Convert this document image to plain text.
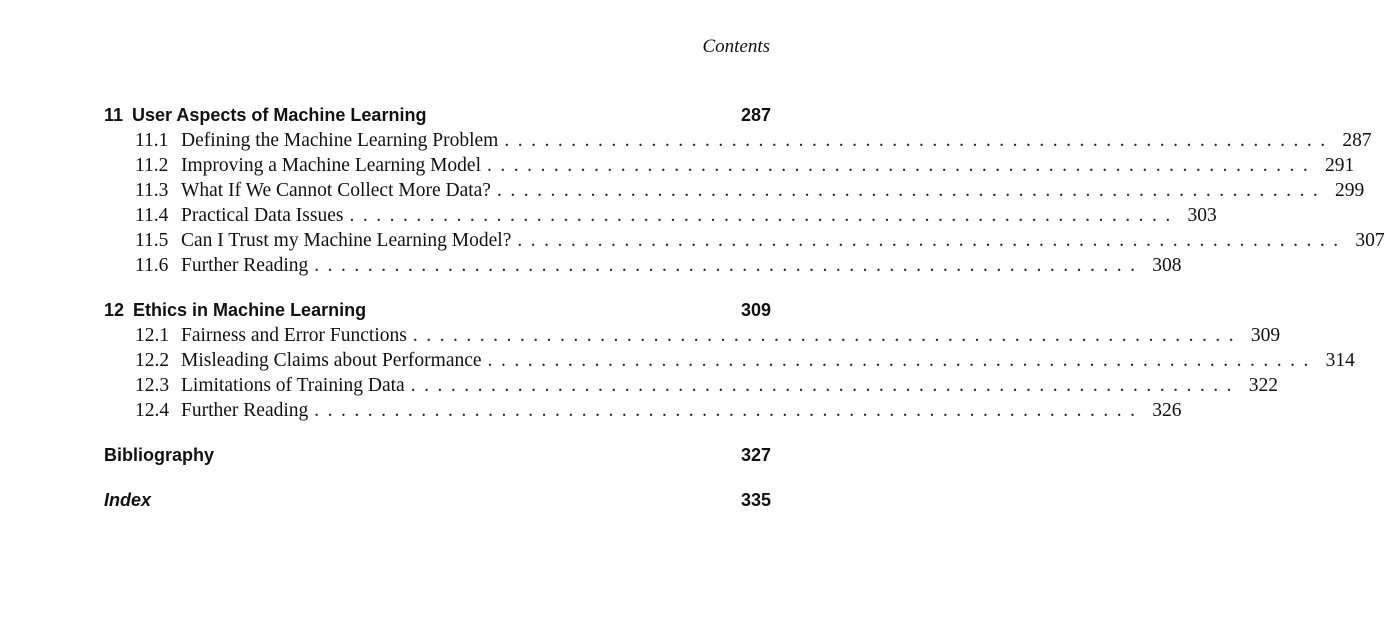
Contents
11 User Aspects of Machine Learning	287
11.1 Defining the Machine Learning Problem .............................................................. 287
11.2 Improving a Machine Learning Model .............................................................. 291
11.3 What If We Cannot Collect More Data? .............................................................. 299
11.4 Practical Data Issues .............................................................. 303
11.5 Can I Trust my Machine Learning Model? .............................................................. 307
11.6 Further Reading .............................................................. 308
12 Ethics in Machine Learning	309
12.1 Fairness and Error Functions .............................................................. 309
12.2 Misleading Claims about Performance .............................................................. 314
12.3 Limitations of Training Data .............................................................. 322
12.4 Further Reading .............................................................. 326
Bibliography	327
Index	335
